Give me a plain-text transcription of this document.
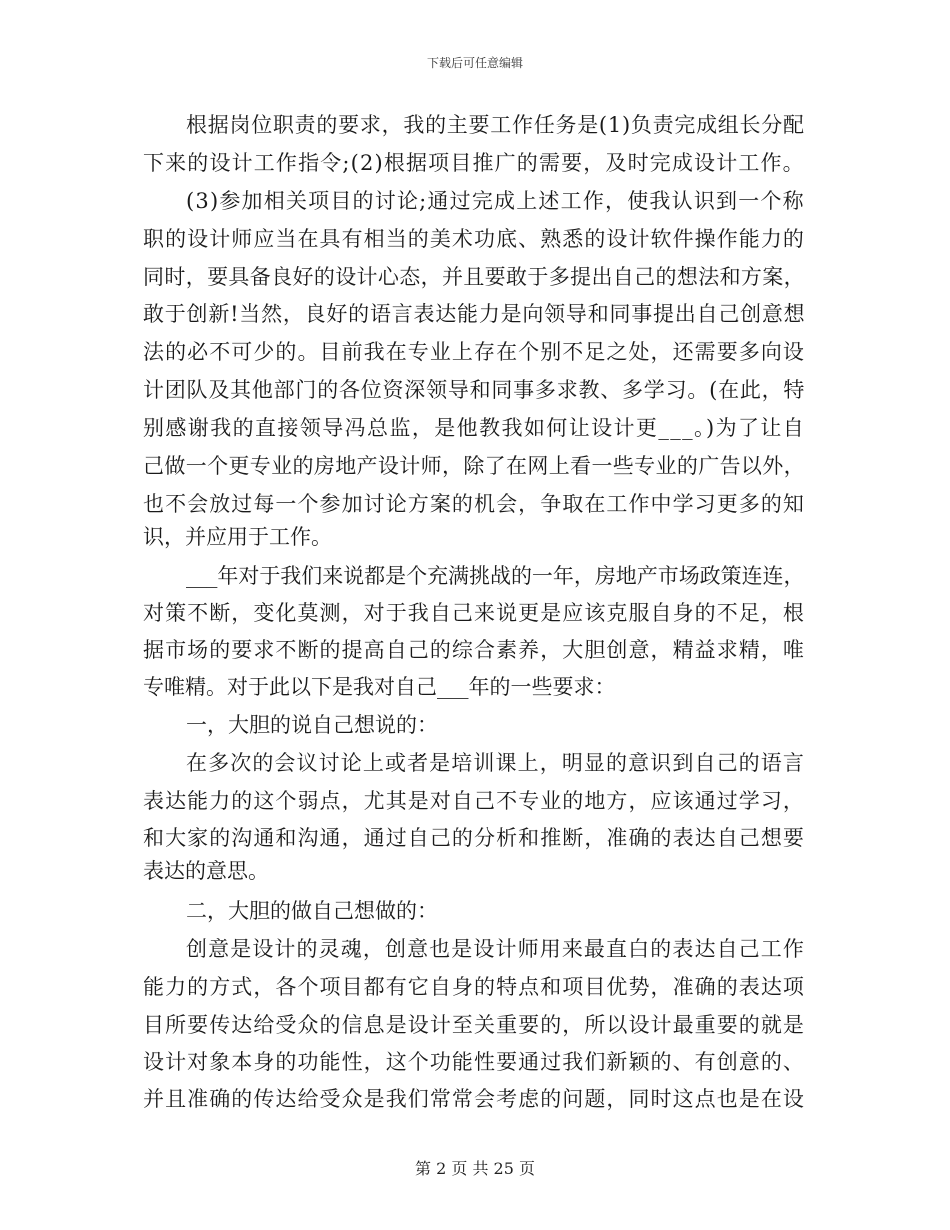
下载后可任意编辑
根据岗位职责的要求，我的主要工作任务是(1)负责完成组长分配
下来的设计工作指令;(2)根据项目推广的需要，及时完成设计工作。
(3)参加相关项目的讨论;通过完成上述工作，使我认识到一个称
职的设计师应当在具有相当的美术功底、熟悉的设计软件操作能力的
同时，要具备良好的设计心态，并且要敢于多提出自己的想法和方案，
敢于创新!当然，良好的语言表达能力是向领导和同事提出自己创意想
法的必不可少的。目前我在专业上存在个别不足之处，还需要多向设
计团队及其他部门的各位资深领导和同事多求教、多学习。(在此，特
别感谢我的直接领导冯总监，是他教我如何让设计更___。)为了让自
己做一个更专业的房地产设计师，除了在网上看一些专业的广告以外，
也不会放过每一个参加讨论方案的机会，争取在工作中学习更多的知
识，并应用于工作。
___年对于我们来说都是个充满挑战的一年，房地产市场政策连连，
对策不断，变化莫测，对于我自己来说更是应该克服自身的不足，根
据市场的要求不断的提高自己的综合素养，大胆创意，精益求精，唯
专唯精。对于此以下是我对自己___年的一些要求：
一，大胆的说自己想说的：
在多次的会议讨论上或者是培训课上，明显的意识到自己的语言
表达能力的这个弱点，尤其是对自己不专业的地方，应该通过学习，
和大家的沟通和沟通，通过自己的分析和推断，准确的表达自己想要
表达的意思。
二，大胆的做自己想做的：
创意是设计的灵魂，创意也是设计师用来最直白的表达自己工作
能力的方式，各个项目都有它自身的特点和项目优势，准确的表达项
目所要传达给受众的信息是设计至关重要的，所以设计最重要的就是
设计对象本身的功能性，这个功能性要通过我们新颖的、有创意的、
并且准确的传达给受众是我们常常会考虑的问题，同时这点也是在设
第 2 页 共 25 页
